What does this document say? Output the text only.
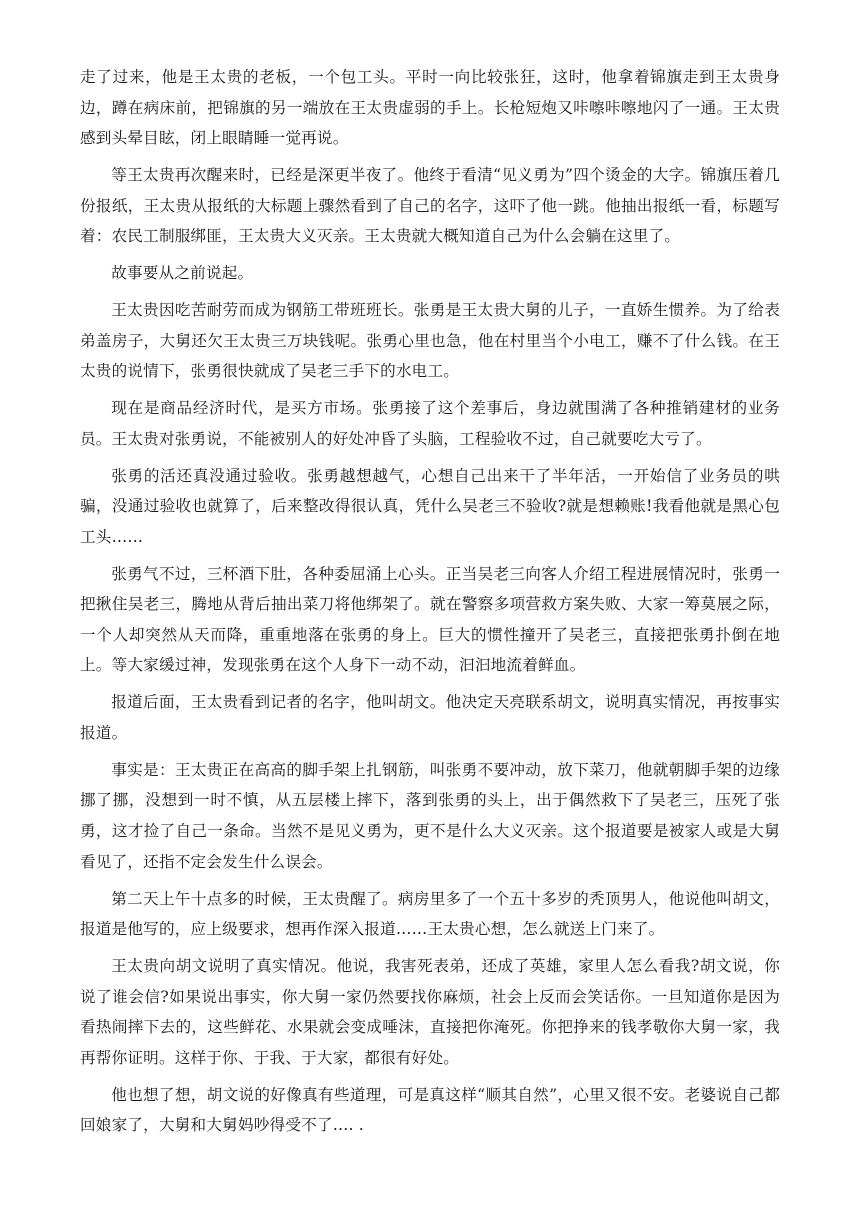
走了过来，他是王太贵的老板，一个包工头。平时一向比较张狂，这时，他拿着锦旗走到王太贵身边，蹲在病床前，把锦旗的另一端放在王太贵虚弱的手上。长枪短炮又咔嚓咔嚓地闪了一通。王太贵感到头晕目眩，闭上眼睛睡一觉再说。

等王太贵再次醒来时，已经是深更半夜了。他终于看清“见义勇为”四个烫金的大字。锦旗压着几份报纸，王太贵从报纸的大标题上骤然看到了自己的名字，这吓了他一跳。他抽出报纸一看，标题写着：农民工制服绑匪，王太贵大义灭亲。王太贵就大概知道自己为什么会躺在这里了。

故事要从之前说起。

王太贵因吃苦耐劳而成为钢筋工带班班长。张勇是王太贵大舅的儿子，一直娇生惯养。为了给表弟盖房子，大舅还欠王太贵三万块钱呢。张勇心里也急，他在村里当个小电工，赚不了什么钱。在王太贵的说情下，张勇很快就成了吴老三手下的水电工。

现在是商品经济时代，是买方市场。张勇接了这个差事后，身边就围满了各种推销建材的业务员。王太贵对张勇说，不能被别人的好处冲昏了头脑，工程验收不过，自己就要吃大亏了。

张勇的活还真没通过验收。张勇越想越气，心想自己出来干了半年活，一开始信了业务员的哄骗，没通过验收也就算了，后来整改得很认真，凭什么吴老三不验收?就是想赖账!我看他就是黑心包工头……

张勇气不过，三杯酒下肚，各种委屈涌上心头。正当吴老三向客人介绍工程进展情况时，张勇一把揪住吴老三，腾地从背后抽出菜刀将他绑架了。就在警察多项营救方案失败、大家一筹莫展之际，一个人却突然从天而降，重重地落在张勇的身上。巨大的惯性撞开了吴老三，直接把张勇扑倒在地上。等大家缓过神，发现张勇在这个人身下一动不动，汩汩地流着鲜血。

报道后面，王太贵看到记者的名字，他叫胡文。他决定天亮联系胡文，说明真实情况，再按事实报道。

事实是：王太贵正在高高的脚手架上扎钢筋，叫张勇不要冲动，放下菜刀，他就朝脚手架的边缘挪了挪，没想到一时不慎，从五层楼上摔下，落到张勇的头上，出于偶然救下了吴老三，压死了张勇，这才捡了自己一条命。当然不是见义勇为，更不是什么大义灭亲。这个报道要是被家人或是大舅看见了，还指不定会发生什么误会。

第二天上午十点多的时候，王太贵醒了。病房里多了一个五十多岁的秃顶男人，他说他叫胡文，报道是他写的，应上级要求，想再作深入报道……王太贵心想，怎么就送上门来了。

王太贵向胡文说明了真实情况。他说，我害死表弟，还成了英雄，家里人怎么看我?胡文说，你说了谁会信?如果说出事实，你大舅一家仍然要找你麻烦，社会上反而会笑话你。一旦知道你是因为看热闹摔下去的，这些鲜花、水果就会变成唾沫，直接把你淹死。你把挣来的钱孝敬你大舅一家，我再帮你证明。这样于你、于我、于大家，都很有好处。

他也想了想，胡文说的好像真有些道理，可是真这样“顺其自然”，心里又很不安。老婆说自己都回娘家了，大舅和大舅妈吵得受不了…. .
